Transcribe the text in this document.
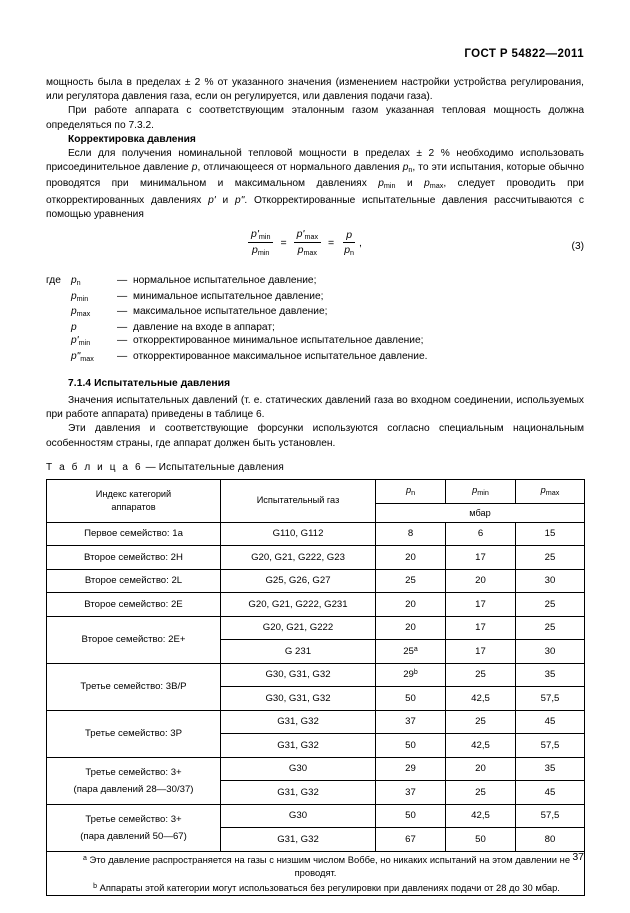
ГОСТ Р 54822—2011

мощность была в пределах ± 2 % от указанного значения (изменением настройки устройства регулирования, или регулятора давления газа, если он регулируется, или давления подачи газа).

При работе аппарата с соответствующим эталонным газом указанная тепловая мощность должна определяться по 7.3.2.

Корректировка давления

Если для получения номинальной тепловой мощности в пределах ± 2 % необходимо использовать присоединительное давление p, отличающееся от нормального давления $p_n$, то эти испытания, которые обычно проводятся при минимальном и максимальном давлениях $p_{min}$ и $p_{max}$, следует проводить при откорректированных давлениях p' и p". Откорректированные испытательные давления рассчитываются с помощью уравнения

$\frac{p'_{min}}{p_{min}} = \frac{p'_{max}}{p_{max}} = \frac{p}{p_n}$ ,	(3)
где $p_n$	— нормальное испытательное давление;
$p_{min}$	— минимальное испытательное давление;
$p_{max}$	— максимальное испытательное давление;
p	— давление на входе в аппарат;
$p'_{min}$	— откорректированное минимальное испытательное давление;
$p"_{max}$	— откорректированное максимальное испытательное давление.

7.1.4 Испытательные давления

Значения испытательных давлений (т. е. статических давлений газа во входном соединении, используемых при работе аппарата) приведены в таблице 6.

Эти давления и соответствующие форсунки используются согласно специальным национальным особенностям страны, где аппарат должен быть установлен.

Т а б л и ц а 6 — Испытательные давления

Индекс категорий
аппаратов	Испытательный газ	$p_n$	$p_{min}$	$p_{max}$
		мбар		
Первое семейство: 1а	G110, G112	8	6	15
Второе семейство: 2Н	G20, G21, G222, G23	20	17	25
Второе семейство: 2L	G25, G26, G27	25	20	30
Второе семейство: 2Е	G20, G21, G222, G231	20	17	25
Второе семейство: 2Е+	G20, G21, G222	20	17	25
	G 231	25$^a$	17	30
Третье семейство: 3В/Р	G30, G31, G32	29$^b$	25	35
	G30, G31, G32	50	42,5	57,5
Третье семейство: 3Р	G31, G32	37	25	45
	G31, G32	50	42,5	57,5

Третье семейство: 3+
(пара давлений 28—30/37)	G30	29	20	35
	G31, G32	37	25	45

Третье семейство: 3+
(пара давлений 50—67)	G30	50	42,5	57,5
	G31, G32	67	50	80

$^a$ Это давление распространяется на газы с низшим числом Воббе, но никаких испытаний на этом давлении не проводят.

$^b$ Аппараты этой категории могут использоваться без регулировки при давлениях подачи от 28 до 30 мбар.				

37
